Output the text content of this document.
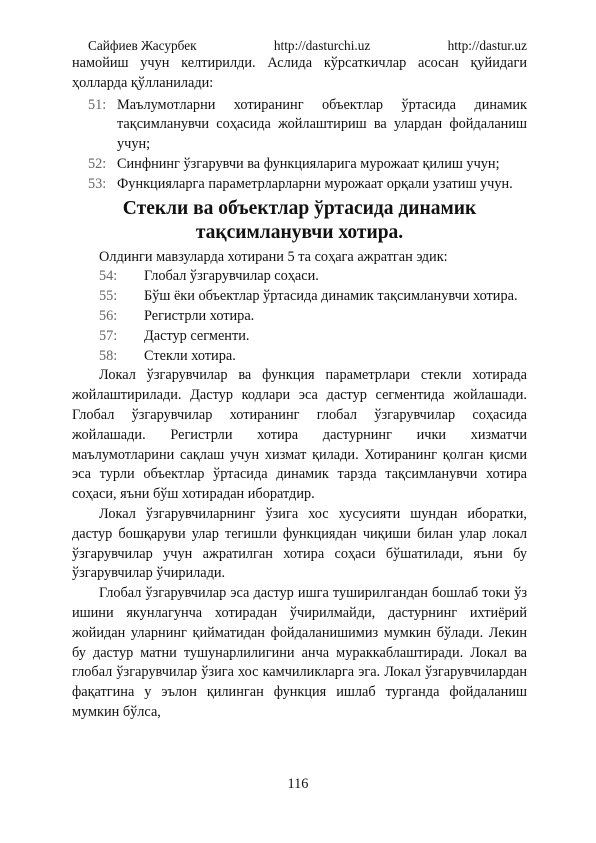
Сайфиев Жасурбек	http://dasturchi.uz	http://dastur.uz

намойиш учун келтирилди. Аслида кўрсаткичлар асосан қуйидаги ҳолларда қўлланилади:

51: Маълумотларни хотиранинг объектлар ўртасида динамик тақсимланувчи соҳасида жойлаштириш ва улардан фойдаланиш учун;
52: Синфнинг ўзгарувчи ва функцияларига мурожаат қилиш учун;
53: Функцияларга параметрларларни мурожаат орқали узатиш учун.
Стекли ва объектлар ўртасида динамик тақсимланувчи хотира.

Олдинги мавзуларда хотирани 5 та соҳага ажратган эдик:

54: Глобал ўзгарувчилар соҳаси.
55: Бўш ёки объектлар ўртасида динамик тақсимланувчи хотира.
56: Регистрли хотира.
57: Дастур сегменти.
58: Стекли хотира.

Локал ўзгарувчилар ва функция параметрлари стекли хотирада жойлаштирилади. Дастур кодлари эса дастур сегментида жойлашади. Глобал ўзгарувчилар хотиранинг глобал ўзгарувчилар соҳасида жойлашади. Регистрли хотира дастурнинг ички хизматчи маълумотларини сақлаш учун хизмат қилади. Хотиранинг қолган қисми эса турли объектлар ўртасида динамик тарзда тақсимланувчи хотира соҳаси, яъни бўш хотирадан иборатдир.

Локал ўзгарувчиларнинг ўзига хос хусусияти шундан иборатки, дастур бошқаруви улар тегишли функциядан чиқиши билан улар локал ўзгарувчилар учун ажратилган хотира соҳаси бўшатилади, яъни бу ўзгарувчилар ўчирилади.

Глобал ўзгарувчилар эса дастур ишга туширилгандан бошлаб токи ўз ишини якунлагунча хотирадан ўчирилмайди, дастурнинг ихтиёрий жойидан уларнинг қийматидан фойдаланишимиз мумкин бўлади. Лекин бу дастур матни тушунарлилигини анча мураккаблаштиради. Локал ва глобал ўзгарувчилар ўзига хос камчиликларга эга. Локал ўзгарувчилардан фақатгина у эълон қилинган функция ишлаб турганда фойдаланиш мумкин бўлса,

116
